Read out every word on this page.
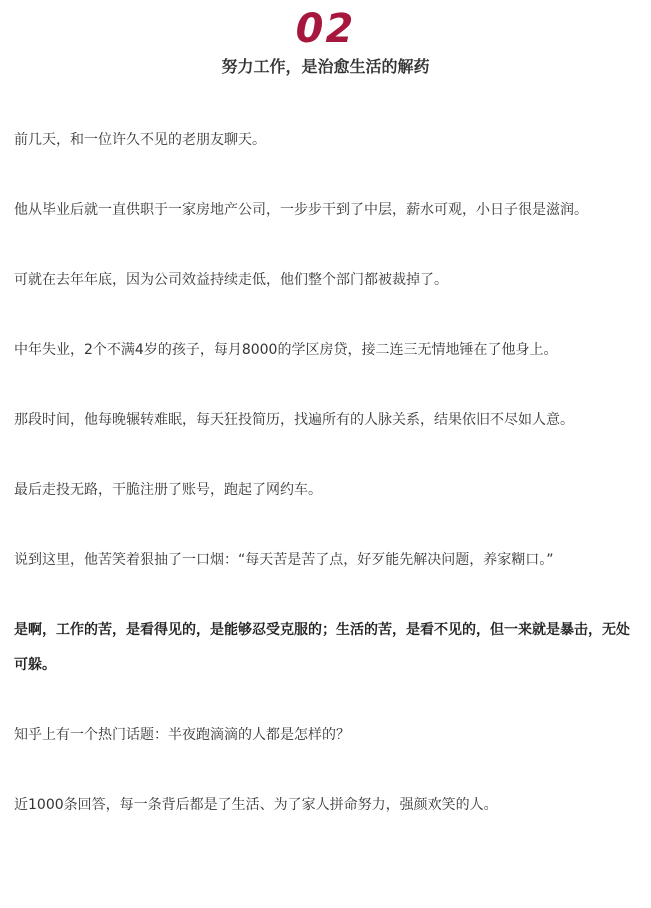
02
努力工作，是治愈生活的解药

前几天，和一位许久不见的老朋友聊天。

他从毕业后就一直供职于一家房地产公司，一步步干到了中层，薪水可观，小日子很是滋润。

可就在去年年底，因为公司效益持续走低，他们整个部门都被裁掉了。

中年失业，2个不满4岁的孩子，每月8000的学区房贷，接二连三无情地锤在了他身上。

那段时间，他每晚辗转难眠，每天狂投简历，找遍所有的人脉关系，结果依旧不尽如人意。

最后走投无路，干脆注册了账号，跑起了网约车。

说到这里，他苦笑着狠抽了一口烟：“每天苦是苦了点，好歹能先解决问题，养家糊口。”

是啊，工作的苦，是看得见的，是能够忍受克服的；生活的苦，是看不见的，但一来就是暴击，无处可躲。

知乎上有一个热门话题：半夜跑滴滴的人都是怎样的？

近1000条回答，每一条背后都是了生活、为了家人拼命努力，强颜欢笑的人。
